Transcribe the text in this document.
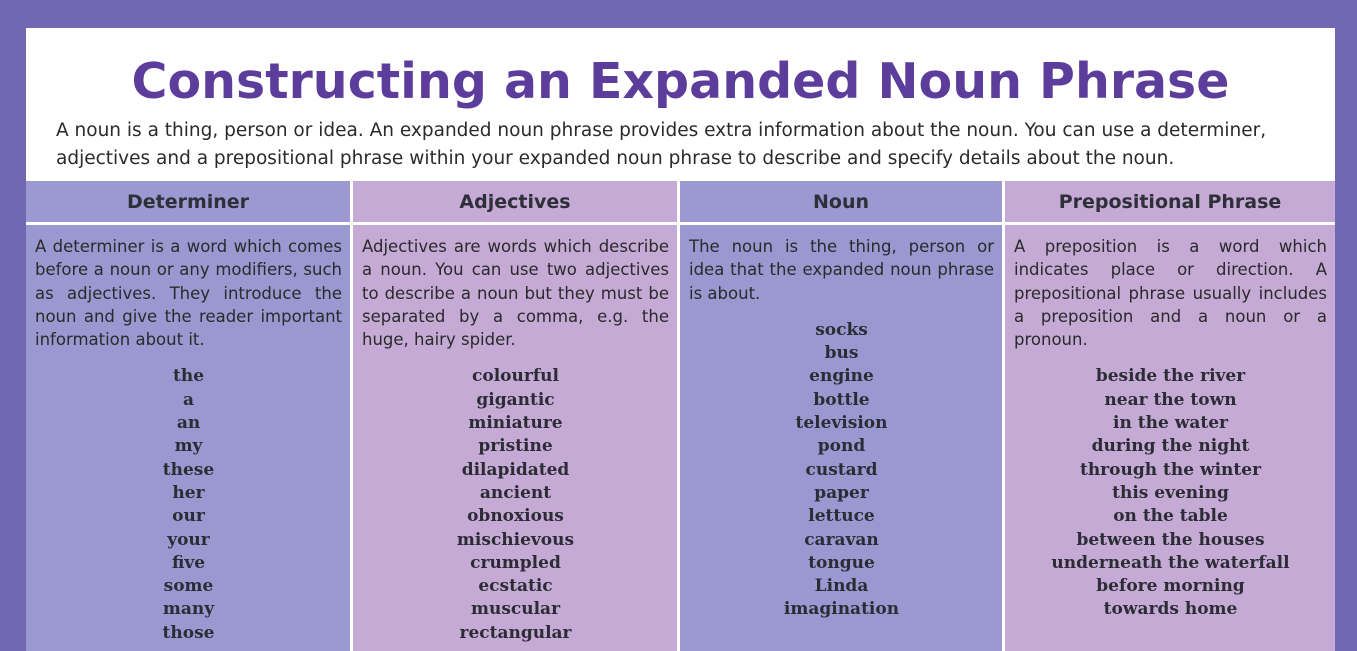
Constructing an Expanded Noun Phrase

A noun is a thing, person or idea. An expanded noun phrase provides extra information about the noun. You can use a determiner,

adjectives and a prepositional phrase within your expanded noun phrase to describe and specify details about the noun.

Determiner

A determiner is a word which comes before a noun or any modifiers, such as adjectives. They introduce the noun and give the reader important information about it.

the
a
an
my
these
her
our
your
five
some
many
those
Adjectives

Adjectives are words which describe a noun. You can use two adjectives to describe a noun but they must be separated by a comma, e.g. the huge, hairy spider.

colourful
gigantic
miniature
pristine
dilapidated
ancient
obnoxious
mischievous
crumpled
ecstatic
muscular
rectangular
Noun

The noun is the thing, person or idea that the expanded noun phrase is about.

socks
bus
engine
bottle
television
pond
custard
paper
lettuce
caravan
tongue
Linda
imagination
Prepositional Phrase

A preposition is a word which indicates place or direction. A prepositional phrase usually includes a preposition and a noun or a pronoun.

beside the river
near the town
in the water
during the night
through the winter
this evening
on the table
between the houses
underneath the waterfall
before morning
towards home
